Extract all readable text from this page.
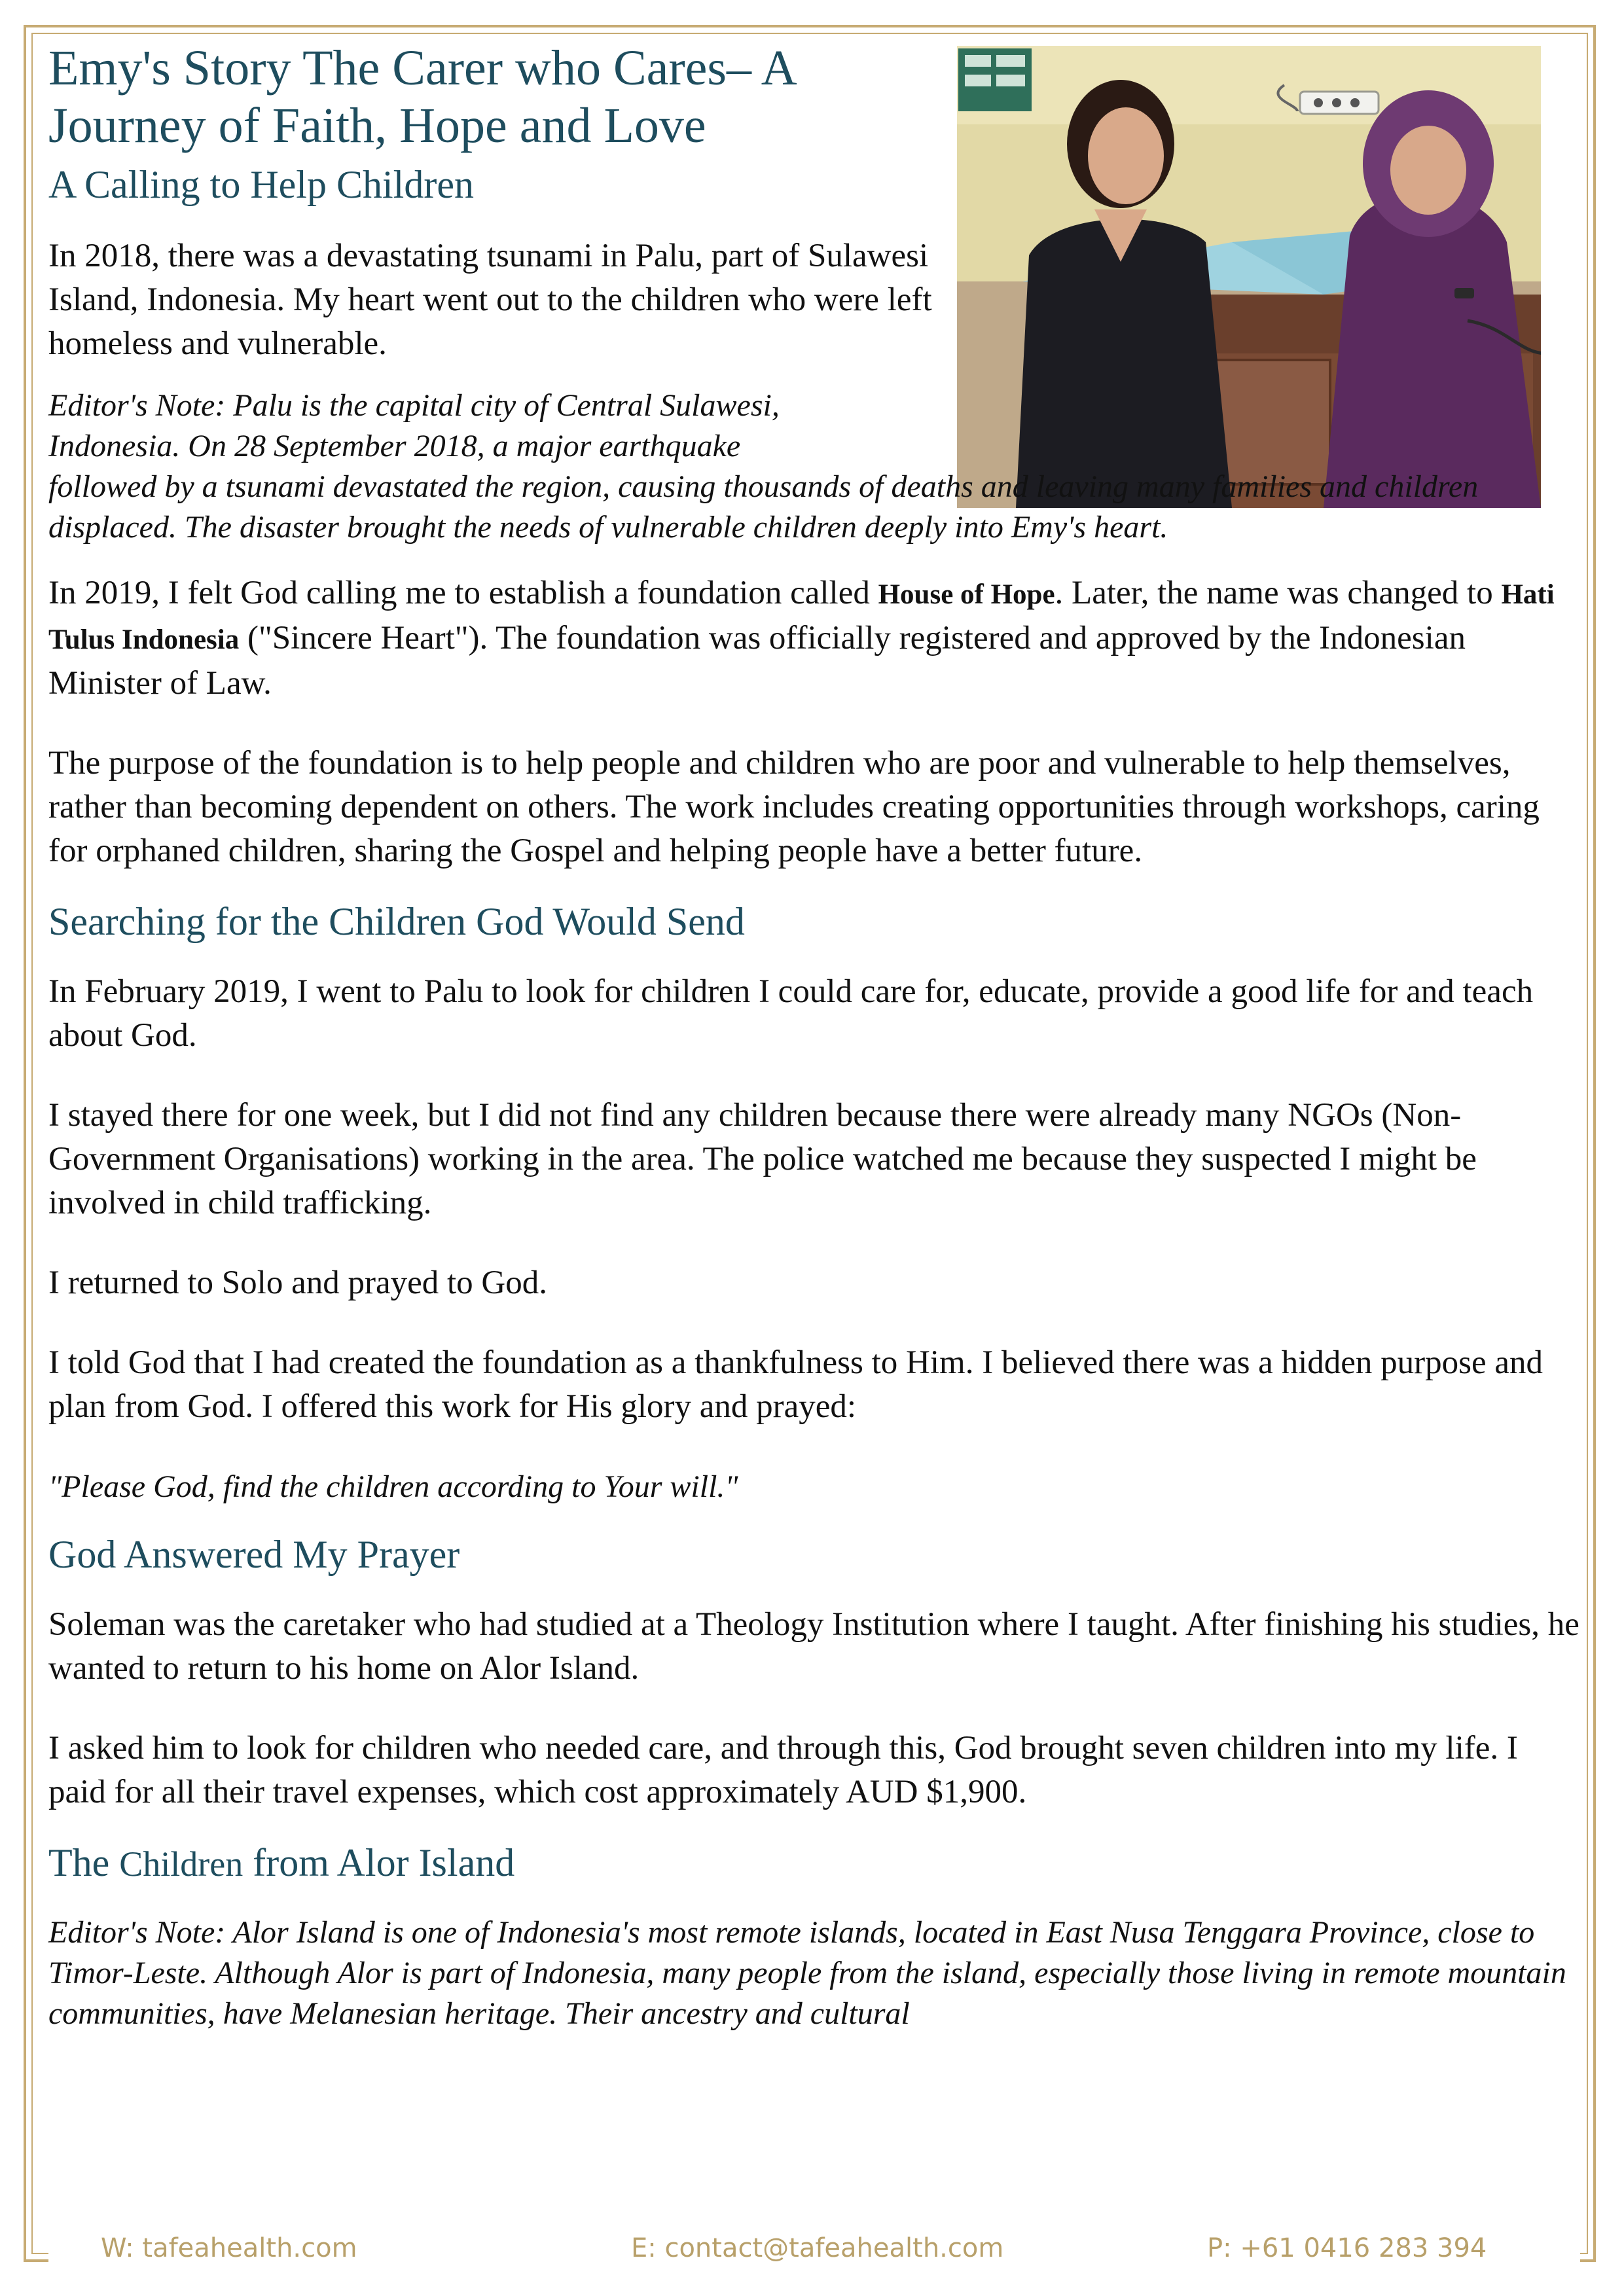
Emy's Story The Carer who Cares– A Journey of Faith, Hope and Love
A Calling to Help Children

In 2018, there was a devastating tsunami in Palu, part of Sulawesi Island, Indonesia. My heart went out to the children who were left homeless and vulnerable.

Editor's Note: Palu is the capital city of Central Sulawesi,
Indonesia. On 28 September 2018, a major earthquake
followed by a tsunami devastated the region, causing thousands of deaths and leaving many families and children displaced. The disaster brought the needs of vulnerable children deeply into Emy's heart.

In 2019, I felt God calling me to establish a foundation called House of Hope. Later, the name was changed to Hati Tulus Indonesia ("Sincere Heart"). The foundation was officially registered and approved by the Indonesian Minister of Law.

The purpose of the foundation is to help people and children who are poor and vulnerable to help themselves, rather than becoming dependent on others. The work includes creating opportunities through workshops, caring for orphaned children, sharing the Gospel and helping people have a better future.

Searching for the Children God Would Send

In February 2019, I went to Palu to look for children I could care for, educate, provide a good life for and teach about God.

I stayed there for one week, but I did not find any children because there were already many NGOs (Non-Government Organisations) working in the area. The police watched me because they suspected I might be involved in child trafficking.

I returned to Solo and prayed to God.

I told God that I had created the foundation as a thankfulness to Him. I believed there was a hidden purpose and plan from God. I offered this work for His glory and prayed:

"Please God, find the children according to Your will."

God Answered My Prayer

Soleman was the caretaker who had studied at a Theology Institution where I taught. After finishing his studies, he wanted to return to his home on Alor Island.

I asked him to look for children who needed care, and through this, God brought seven children into my life. I paid for all their travel expenses, which cost approximately AUD $1,900.

The Children from Alor Island

Editor's Note: Alor Island is one of Indonesia's most remote islands, located in East Nusa Tenggara Province, close to Timor-Leste. Although Alor is part of Indonesia, many people from the island, especially those living in remote mountain communities, have Melanesian heritage. Their ancestry and cultural

W: tafeahealth.com	E: contact@tafeahealth.com	P: +61 0416 283 394
